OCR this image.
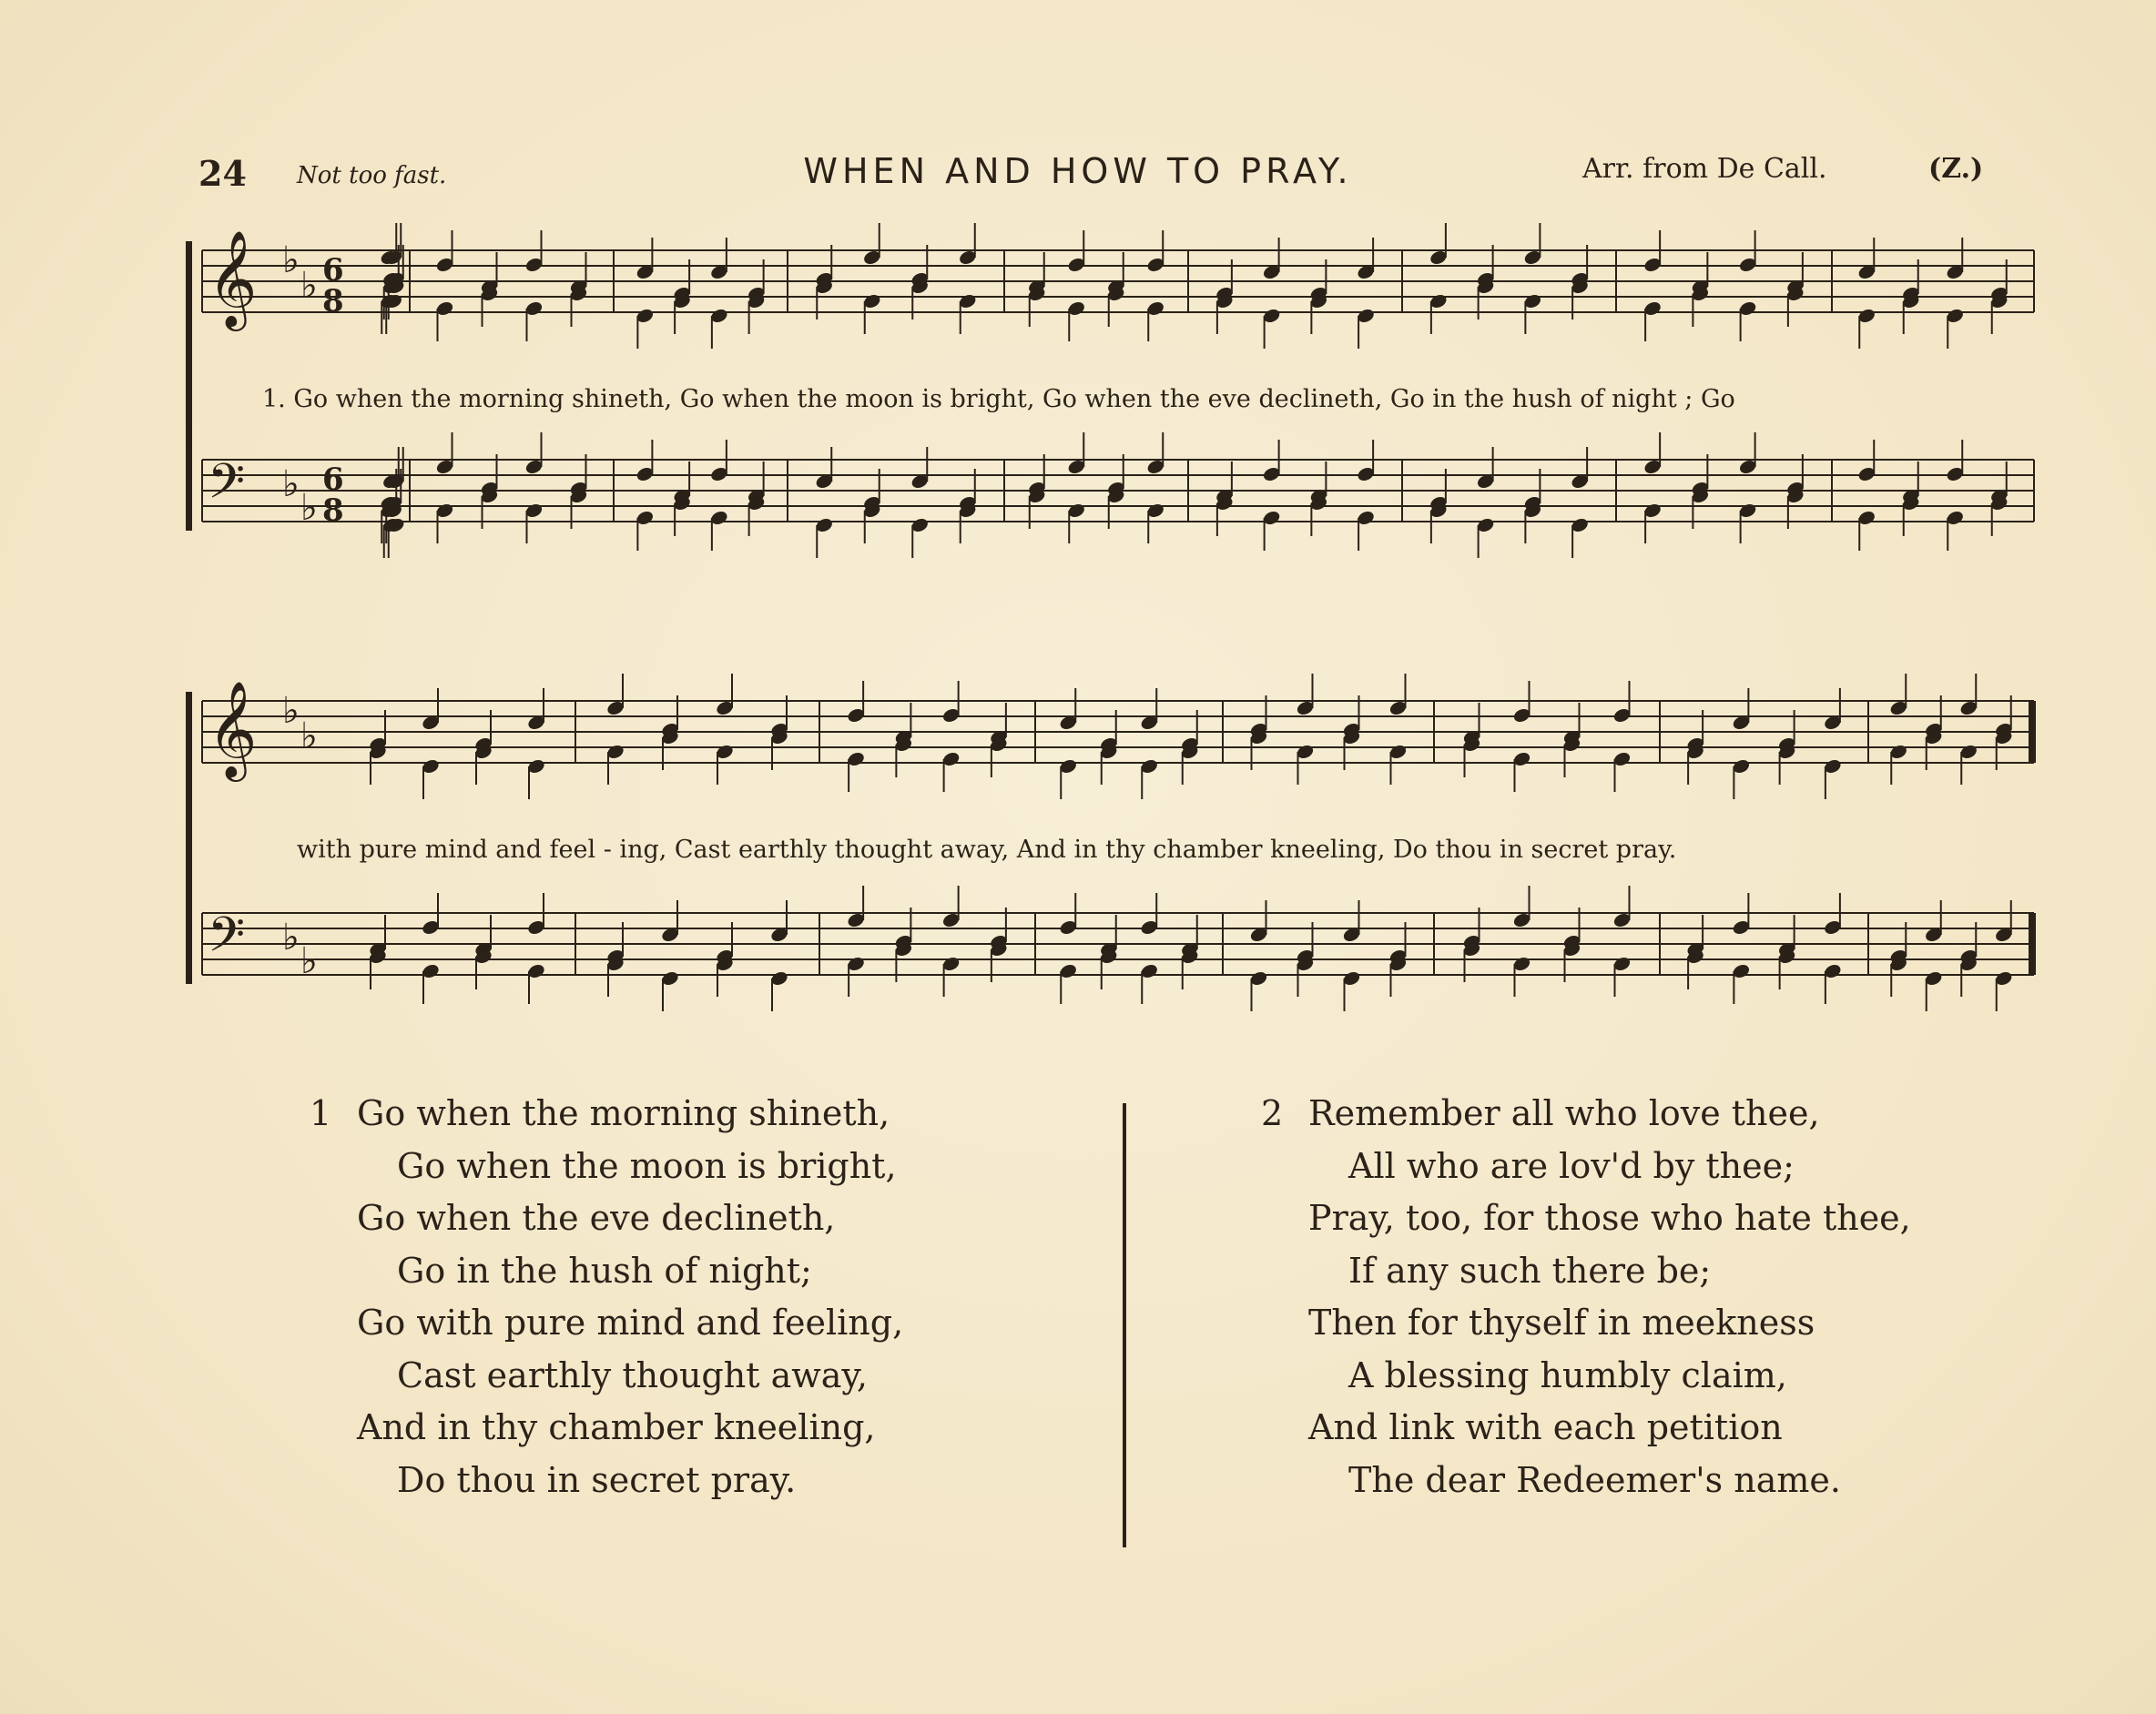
24 Not too fast.	WHEN AND HOW TO PRAY.	Arr. from De Call.	(Z.)
𝄞 ♭
♭ 6
8
𝄢 ♭
♭
6
8
𝄞 ♭
♭
𝄢 ♭
♭
1. Go when the morning shineth, Go when the moon is bright, Go when the eve declineth, Go in the hush of night ; Go
with pure mind and feel - ing, Cast earthly thought away, And in thy chamber kneeling, Do thou in secret pray.
1 Go when the morning shineth,
Go when the moon is bright,
Go when the eve declineth,
Go in the hush of night;
Go with pure mind and feeling,
Cast earthly thought away,
And in thy chamber kneeling,
Do thou in secret pray.
2 Remember all who love thee,
All who are lov'd by thee;
Pray, too, for those who hate thee,
If any such there be;
Then for thyself in meekness
A blessing humbly claim,
And link with each petition
The dear Redeemer's name.
